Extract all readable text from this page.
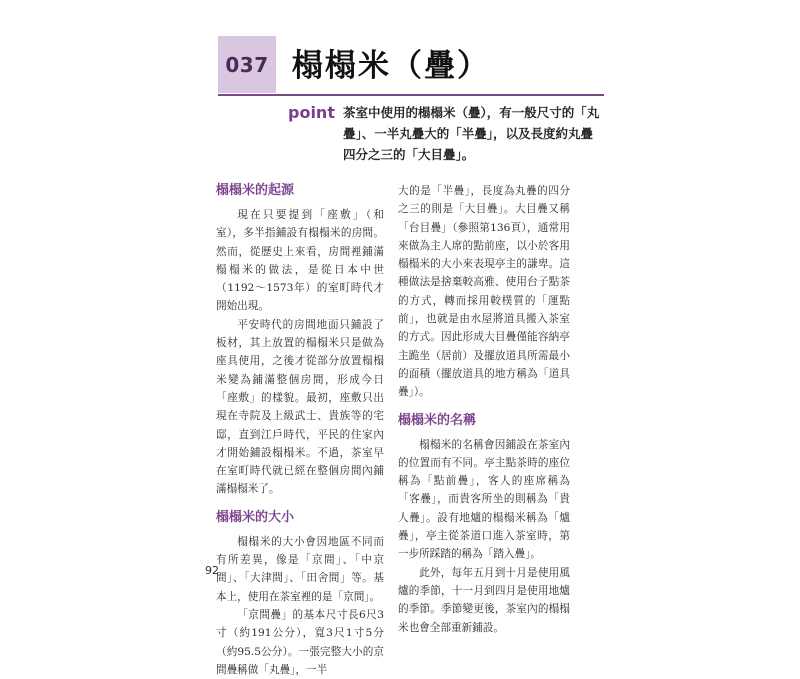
037 榻榻米（疊）
point 茶室中使用的榻榻米（疊），有一般尺寸的「丸疊」、一半丸疊大的「半疊」，以及長度約丸疊四分之三的「大目疊」。
榻榻米的起源

現在只要提到「座敷」（和室），多半指鋪設有榻榻米的房間。然而，從歷史上來看，房間裡鋪滿榻榻米的做法，是從日本中世（1192～1573年）的室町時代才開始出現。

平安時代的房間地面只鋪設了板材，其上放置的榻榻米只是做為座具使用，之後才從部分放置榻榻米變為鋪滿整個房間，形成今日「座敷」的樣貌。最初，座敷只出現在寺院及上級武士、貴族等的宅邸，直到江戶時代，平民的住家內才開始鋪設榻榻米。不過，茶室早在室町時代就已經在整個房間內鋪滿榻榻米了。

榻榻米的大小

榻榻米的大小會因地區不同而有所差異，像是「京間」、「中京間」、「大津間」、「田舍間」等。基本上，使用在茶室裡的是「京間」。

「京間疊」的基本尺寸長6尺3寸（約191公分），寬3尺1寸5分（約95.5公分）。一張完整大小的京間疊稱做「丸疊」，一半

大的是「半疊」，長度為丸疊的四分之三的則是「大目疊」。大目疊又稱「台目疊」（參照第136頁），通常用來做為主人席的點前座，以小於客用榻榻米的大小來表現亭主的謙卑。這種做法是捨棄較高雅、使用台子點茶的方式，轉而採用較樸質的「運點前」，也就是由水屋將道具搬入茶室的方式。因此形成大目疊僅能容納亭主跪坐（居前）及擺放道具所需最小的面積（擺放道具的地方稱為「道具疊」）。

榻榻米的名稱

榻榻米的名稱會因鋪設在茶室內的位置而有不同。亭主點茶時的座位稱為「點前疊」，客人的座席稱為「客疊」，而貴客所坐的則稱為「貴人疊」。設有地爐的榻榻米稱為「爐疊」，亭主從茶道口進入茶室時，第一步所踩踏的稱為「踏入疊」。

此外，每年五月到十月是使用風爐的季節，十一月到四月是使用地爐的季節。季節變更後，茶室內的榻榻米也會全部重新鋪設。

92
